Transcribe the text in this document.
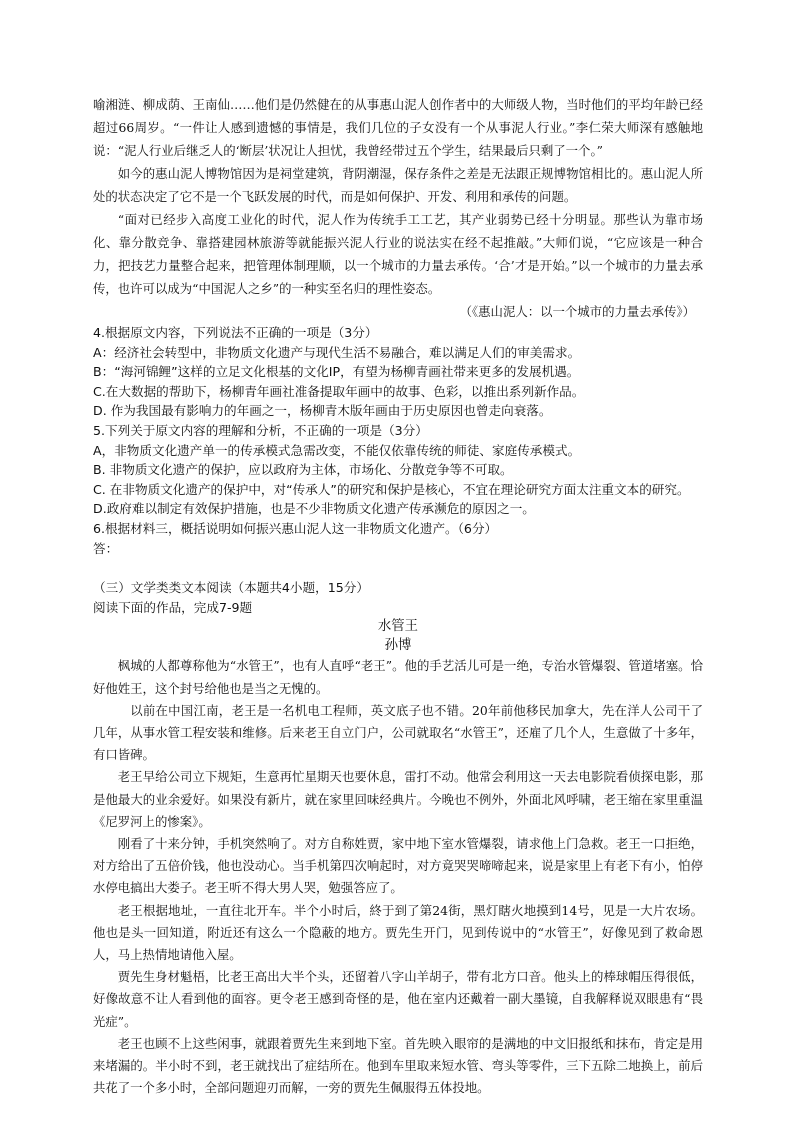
喻湘涟、柳成荫、王南仙……他们是仍然健在的从事惠山泥人创作者中的大师级人物，当时他们的平均年龄已经超过66周岁。“一件让人感到遗憾的事情是，我们几位的子女没有一个从事泥人行业。”李仁荣大师深有感触地说：“泥人行业后继乏人的‘断层’状况让人担忧，我曾经带过五个学生，结果最后只剩了一个。”

如今的惠山泥人博物馆因为是祠堂建筑，背阴潮湿，保存条件之差是无法跟正规博物馆相比的。惠山泥人所处的状态决定了它不是一个飞跃发展的时代，而是如何保护、开发、利用和承传的问题。

“面对已经步入高度工业化的时代，泥人作为传统手工工艺，其产业弱势已经十分明显。那些认为靠市场化、靠分散竞争、靠搭建园林旅游等就能振兴泥人行业的说法实在经不起推敲。”大师们说，“它应该是一种合力，把技艺力量整合起来，把管理体制理顺，以一个城市的力量去承传。‘合’才是开始。”以一个城市的力量去承传，也许可以成为“中国泥人之乡”的一种实至名归的理性姿态。

（《惠山泥人：以一个城市的力量去承传》）

4.根据原文内容，下列说法不正确的一项是（3分）

A：经济社会转型中，非物质文化遗产与现代生活不易融合，难以满足人们的审美需求。

B：“海河锦鲤”这样的立足文化根基的文化IP，有望为杨柳青画社带来更多的发展机遇。

C.在大数据的帮助下，杨柳青年画社准备提取年画中的故事、色彩，以推出系列新作品。

D. 作为我国最有影响力的年画之一，杨柳青木版年画由于历史原因也曾走向衰落。

5.下列关于原文内容的理解和分析，不正确的一项是（3分）

A，非物质文化遗产单一的传承模式急需改变，不能仅依靠传统的师徒、家庭传承模式。

B. 非物质文化遗产的保护，应以政府为主体，市场化、分散竞争等不可取。

C. 在非物质文化遗产的保护中，对“传承人”的研究和保护是核心，不宜在理论研究方面太注重文本的研究。

D.政府难以制定有效保护措施，也是不少非物质文化遗产传承濒危的原因之一。

6.根据材料三，概括说明如何振兴惠山泥人这一非物质文化遗产。（6分）

答：

（三）文学类类文本阅读（本题共4小题，15分）

阅读下面的作品，完成7-9题

水管王

孙博

枫城的人都尊称他为“水管王”，也有人直呼“老王”。他的手艺活儿可是一绝，专治水管爆裂、管道堵塞。恰好他姓王，这个封号给他也是当之无愧的。

以前在中国江南，老王是一名机电工程师，英文底子也不错。20年前他移民加拿大，先在洋人公司干了几年，从事水管工程安装和维修。后来老王自立门户，公司就取名“水管王”，还雇了几个人，生意做了十多年，有口皆碑。

老王早给公司立下规矩，生意再忙星期天也要休息，雷打不动。他常会利用这一天去电影院看侦探电影，那是他最大的业余爱好。如果没有新片，就在家里回味经典片。今晚也不例外，外面北风呼啸，老王缩在家里重温《尼罗河上的惨案》。

刚看了十来分钟，手机突然响了。对方自称姓贾，家中地下室水管爆裂，请求他上门急救。老王一口拒绝，对方给出了五倍价钱，他也没动心。当手机第四次响起时，对方竟哭哭啼啼起来，说是家里上有老下有小，怕停水停电搞出大娄子。老王听不得大男人哭，勉强答应了。

老王根据地址，一直往北开车。半个小时后，終于到了第24街，黑灯瞎火地摸到14号，见是一大片农场。他也是头一回知道，附近还有这么一个隐蔽的地方。贾先生开门，见到传说中的“水管王”，好像见到了救命恩人，马上热情地请他入屋。

贾先生身材魁梧，比老王高出大半个头，还留着八字山羊胡子，带有北方口音。他头上的棒球帽压得很低，好像故意不让人看到他的面容。更令老王感到奇怪的是，他在室内还戴着一副大墨镜，自我解释说双眼患有“畏光症”。

老王也顾不上这些闲事，就跟着贾先生来到地下室。首先映入眼帘的是满地的中文旧报纸和抹布，肯定是用来堵漏的。半小时不到，老王就找出了症结所在。他到车里取来短水管、弯头等零件，三下五除二地换上，前后共花了一个多小时，全部问题迎刃而解，一旁的贾先生佩服得五体投地。
